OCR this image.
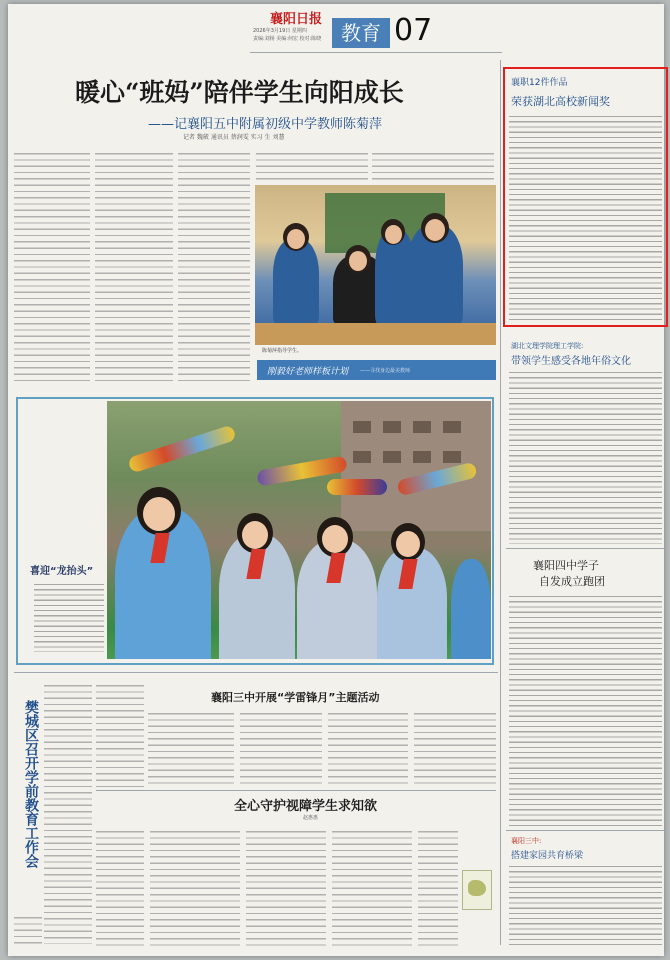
襄阳日报
2026年3月19日 星期四
责编:刘杨 美编:何宏 校对:陈晓 教育 07
暖心“班妈”陪伴学生向阳成长
——记襄阳五中附属初级中学教师陈菊萍
记者 魏葳 通讯员 蔡润雯 实习 生 刘慧
陈菊萍指导学生。
刚毅好老师样板计划 ——寻找身边最美教师
喜迎“龙抬头”
襄职12件作品
荣获湖北高校新闻奖
湖北文理学院理工学院:
带领学生感受各地年俗文化
襄阳四中学子
自发成立跑团
襄阳三中:
搭建家园共育桥梁
樊城区召开学前教育工作会
襄阳三中开展“学雷锋月”主题活动
全心守护视障学生求知欲
赵惠惠
